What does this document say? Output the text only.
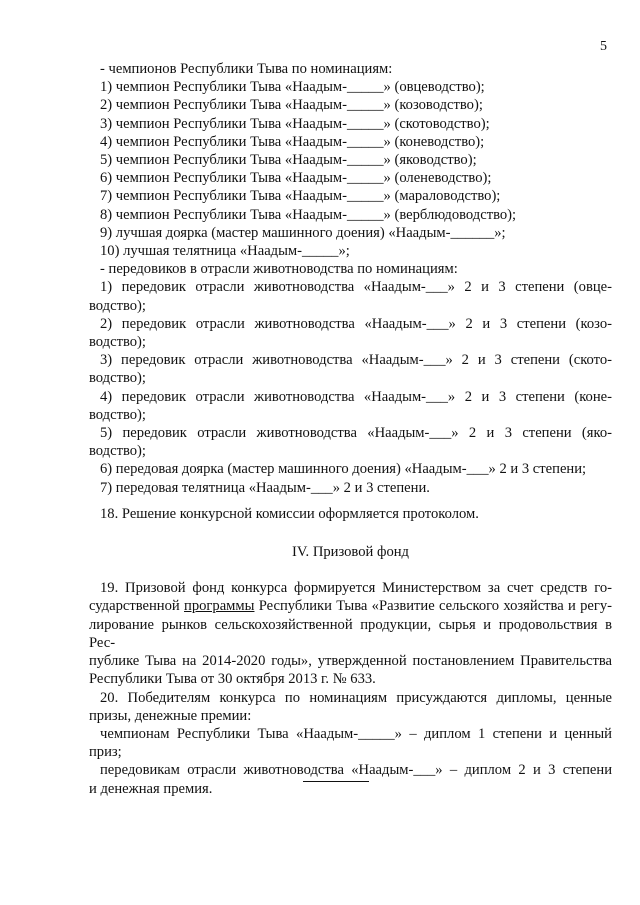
5
- чемпионов Республики Тыва по номинациям:
1) чемпион Республики Тыва «Наадым-_____» (овцеводство);
2) чемпион Республики Тыва «Наадым-_____» (козоводство);
3) чемпион Республики Тыва «Наадым-_____» (скотоводство);
4) чемпион Республики Тыва «Наадым-_____» (коневодство);
5) чемпион Республики Тыва «Наадым-_____» (яководство);
6) чемпион Республики Тыва «Наадым-_____» (оленеводство);
7) чемпион Республики Тыва «Наадым-_____» (мараловодство);
8) чемпион Республики Тыва «Наадым-_____» (верблюдоводство);
9) лучшая доярка (мастер машинного доения) «Наадым-______»;
10) лучшая телятница «Наадым-_____»;
- передовиков в отрасли животноводства по номинациям:
1) передовик отрасли животноводства «Наадым-___» 2 и 3 степени (овце-
водство);
2) передовик отрасли животноводства «Наадым-___» 2 и 3 степени (козо-
водство);
3) передовик отрасли животноводства «Наадым-___» 2 и 3 степени (ското-
водство);
4) передовик отрасли животноводства «Наадым-___» 2 и 3 степени (коне-
водство);
5) передовик отрасли животноводства «Наадым-___» 2 и 3 степени (яко-
водство);
6) передовая доярка (мастер машинного доения) «Наадым-___» 2 и 3 степени;
7) передовая телятница «Наадым-___» 2 и 3 степени.
18. Решение конкурсной комиссии оформляется протоколом.
IV. Призовой фонд
19. Призовой фонд конкурса формируется Министерством за счет средств го-
сударственной программы Республики Тыва «Развитие сельского хозяйства и регу-
лирование рынков сельскохозяйственной продукции, сырья и продовольствия в Рес-
публике Тыва на 2014-2020 годы», утвержденной постановлением Правительства
Республики Тыва от 30 октября 2013 г. № 633.
20. Победителям конкурса по номинациям присуждаются дипломы, ценные
призы, денежные премии:
чемпионам Республики Тыва «Наадым-_____» – диплом 1 степени и ценный
приз;
передовикам отрасли животноводства «Наадым-___» – диплом 2 и 3 степени
и денежная премия.
